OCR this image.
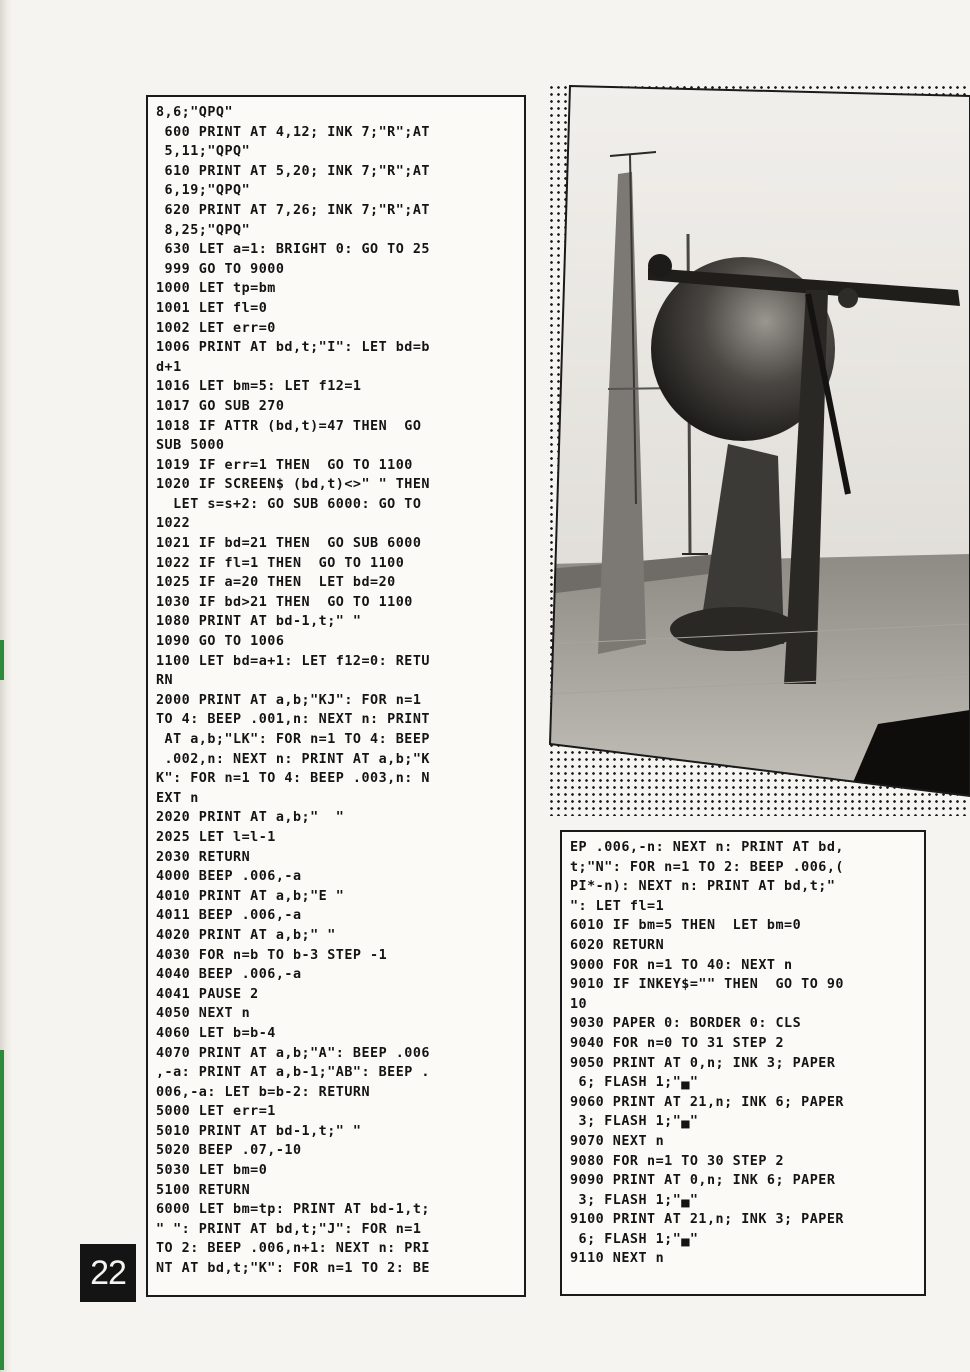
8,6;"QPQ"
600 PRINT AT 4,12; INK 7;"R";AT
5,11;"QPQ"
610 PRINT AT 5,20; INK 7;"R";AT
6,19;"QPQ"
620 PRINT AT 7,26; INK 7;"R";AT
8,25;"QPQ"
630 LET a=1: BRIGHT 0: GO TO 25
999 GO TO 9000
1000 LET tp=bm
1001 LET fl=0
1002 LET err=0
1006 PRINT AT bd,t;"I": LET bd=b
d+1
1016 LET bm=5: LET f12=1
1017 GO SUB 270
1018 IF ATTR (bd,t)=47 THEN  GO
SUB 5000
1019 IF err=1 THEN  GO TO 1100
1020 IF SCREEN$ (bd,t)<>" " THEN
LET s=s+2: GO SUB 6000: GO TO
1022
1021 IF bd=21 THEN  GO SUB 6000
1022 IF fl=1 THEN  GO TO 1100
1025 IF a=20 THEN  LET bd=20
1030 IF bd>21 THEN  GO TO 1100
1080 PRINT AT bd-1,t;" "
1090 GO TO 1006
1100 LET bd=a+1: LET f12=0: RETU
RN
2000 PRINT AT a,b;"KJ": FOR n=1
TO 4: BEEP .001,n: NEXT n: PRINT
AT a,b;"LK": FOR n=1 TO 4: BEEP
.002,n: NEXT n: PRINT AT a,b;"K
K": FOR n=1 TO 4: BEEP .003,n: N
EXT n
2020 PRINT AT a,b;"  "
2025 LET l=l-1
2030 RETURN
4000 BEEP .006,-a
4010 PRINT AT a,b;"E "
4011 BEEP .006,-a
4020 PRINT AT a,b;" "
4030 FOR n=b TO b-3 STEP -1
4040 BEEP .006,-a
4041 PAUSE 2
4050 NEXT n
4060 LET b=b-4
4070 PRINT AT a,b;"A": BEEP .006
,-a: PRINT AT a,b-1;"AB": BEEP .
006,-a: LET b=b-2: RETURN
5000 LET err=1
5010 PRINT AT bd-1,t;" "
5020 BEEP .07,-10
5030 LET bm=0
5100 RETURN
6000 LET bm=tp: PRINT AT bd-1,t;
" ": PRINT AT bd,t;"J": FOR n=1
TO 2: BEEP .006,n+1: NEXT n: PRI
NT AT bd,t;"K": FOR n=1 TO 2: BE
EP .006,-n: NEXT n: PRINT AT bd,
t;"N": FOR n=1 TO 2: BEEP .006,(
PI*-n): NEXT n: PRINT AT bd,t;"
": LET fl=1
6010 IF bm=5 THEN  LET bm=0
6020 RETURN
9000 FOR n=1 TO 40: NEXT n
9010 IF INKEY$="" THEN  GO TO 90
10
9030 PAPER 0: BORDER 0: CLS
9040 FOR n=0 TO 31 STEP 2
9050 PRINT AT 0,n; INK 3; PAPER
6; FLASH 1;"▄"
9060 PRINT AT 21,n; INK 6; PAPER
3; FLASH 1;"▄"
9070 NEXT n
9080 FOR n=1 TO 30 STEP 2
9090 PRINT AT 0,n; INK 6; PAPER
3; FLASH 1;"▄"
9100 PRINT AT 21,n; INK 3; PAPER
6; FLASH 1;"▄"
9110 NEXT n
22
